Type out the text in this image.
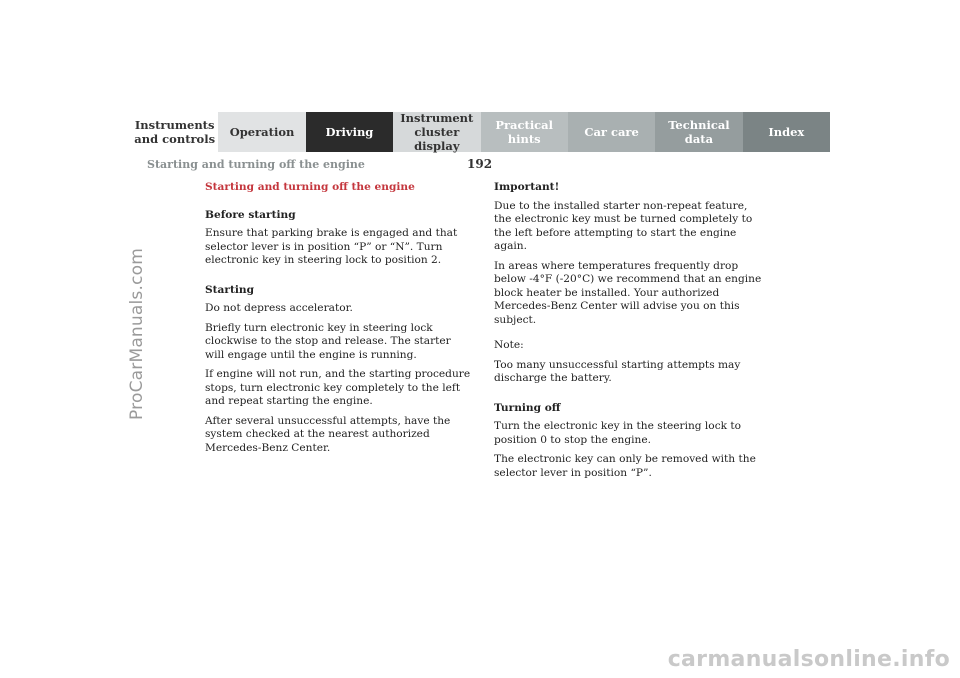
Instruments
and controls Operation	Driving
Instrument
cluster display
Practical hints	Car care	Technical
data	Index
Starting and turning off the engine	192

Starting and turning off the engine

Before starting

Ensure that parking brake is engaged and that selector lever is in position “P” or “N”. Turn electronic key in steering lock to position 2.

Starting

Do not depress accelerator.

Briefly turn electronic key in steering lock clockwise to the stop and release. The starter will engage until the engine is running.

If engine will not run, and the starting procedure stops, turn electronic key completely to the left and repeat starting the engine.

After several unsuccessful attempts, have the system checked at the nearest authorized Mercedes-Benz Center.

Important!

Due to the installed starter non-repeat feature, the electronic key must be turned completely to the left before attempting to start the engine again.

In areas where temperatures frequently drop below -4°F (-20°C) we recommend that an engine block heater be installed. Your authorized Mercedes-Benz Center will advise you on this subject.

Note:

Too many unsuccessful starting attempts may discharge the battery.

Turning off

Turn the electronic key in the steering lock to position 0 to stop the engine.

The electronic key can only be removed with the selector lever in position “P”.

ProCarManuals.com
carmanualsonline.info
